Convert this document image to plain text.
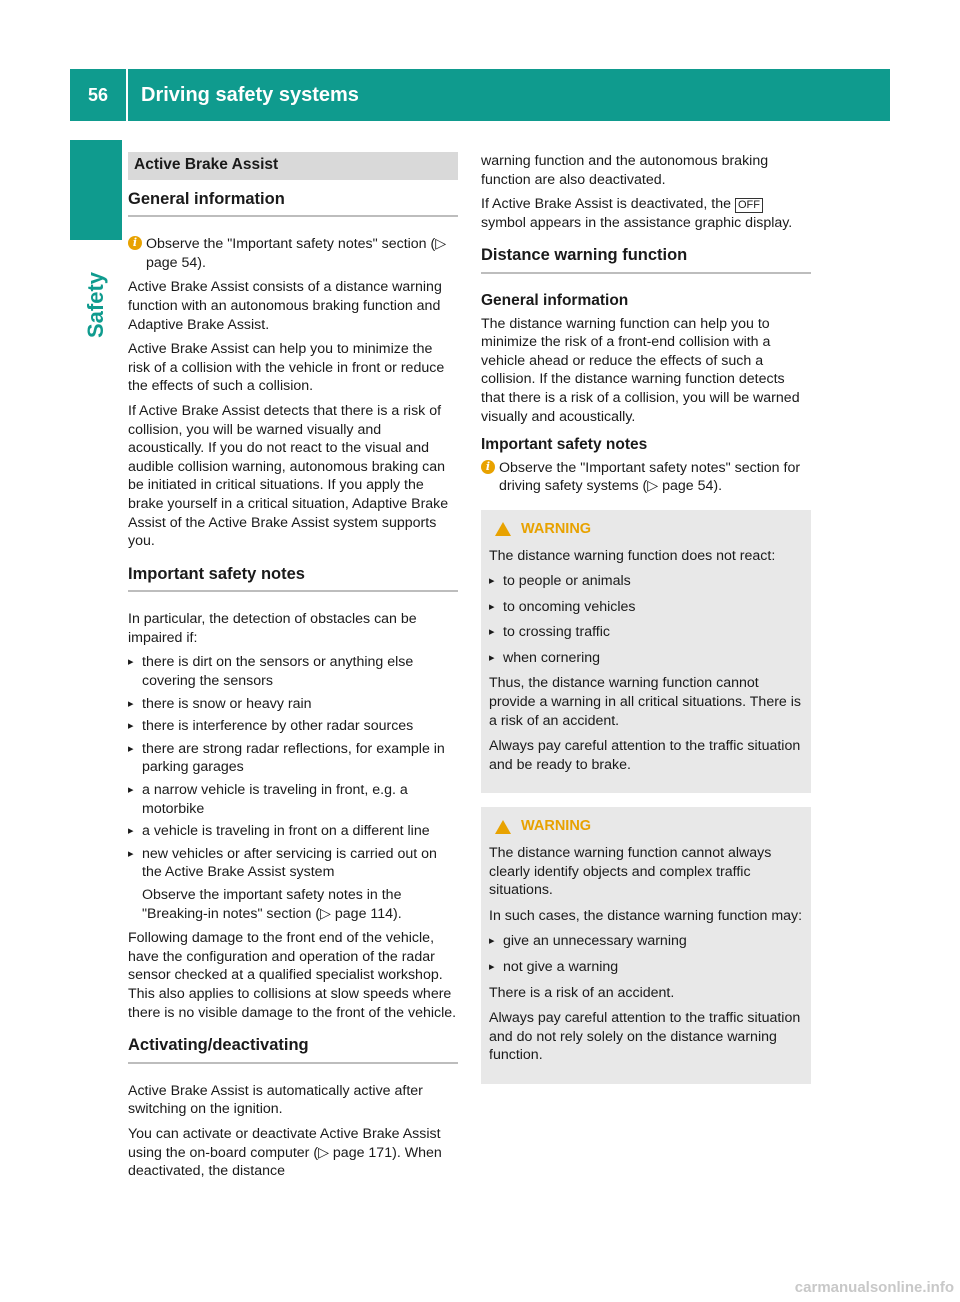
56	Driving safety systems
Safety
Active Brake Assist
General information
i Observe the "Important safety notes" section (▷ page 54).

Active Brake Assist consists of a distance warning function with an autonomous braking function and Adaptive Brake Assist.

Active Brake Assist can help you to minimize the risk of a collision with the vehicle in front or reduce the effects of such a collision.

If Active Brake Assist detects that there is a risk of collision, you will be warned visually and acoustically. If you do not react to the visual and audible collision warning, autonomous braking can be initiated in critical situations. If you apply the brake yourself in a critical situation, Adaptive Brake Assist of the Active Brake Assist system supports you.

Important safety notes

In particular, the detection of obstacles can be impaired if:

▸ there is dirt on the sensors or anything else covering the sensors
▸ there is snow or heavy rain
▸ there is interference by other radar sources
▸ there are strong radar reflections, for example in parking garages
▸ a narrow vehicle is traveling in front, e.g. a motorbike
▸ a vehicle is traveling in front on a different line
▸ new vehicles or after servicing is carried out on the Active Brake Assist system

Observe the important safety notes in the "Breaking-in notes" section (▷ page 114).

Following damage to the front end of the vehicle, have the configuration and operation of the radar sensor checked at a qualified specialist workshop. This also applies to collisions at slow speeds where there is no visible damage to the front of the vehicle.

Activating/deactivating

Active Brake Assist is automatically active after switching on the ignition.

You can activate or deactivate Active Brake Assist using the on-board computer (▷ page 171). When deactivated, the distance

warning function and the autonomous braking function are also deactivated.

If Active Brake Assist is deactivated, the OFF symbol appears in the assistance graphic display.

Distance warning function
General information

The distance warning function can help you to minimize the risk of a front-end collision with a vehicle ahead or reduce the effects of such a collision. If the distance warning function detects that there is a risk of a collision, you will be warned visually and acoustically.

Important safety notes
i Observe the "Important safety notes" section for driving safety systems (▷ page 54).
WARNING

The distance warning function does not react:

▸ to people or animals
▸ to oncoming vehicles
▸ to crossing traffic
▸ when cornering

Thus, the distance warning function cannot provide a warning in all critical situations. There is a risk of an accident.

Always pay careful attention to the traffic situation and be ready to brake.

WARNING

The distance warning function cannot always clearly identify objects and complex traffic situations.

In such cases, the distance warning function may:

▸ give an unnecessary warning
▸ not give a warning

There is a risk of an accident.

Always pay careful attention to the traffic situation and do not rely solely on the distance warning function.

carmanualsonline.info
